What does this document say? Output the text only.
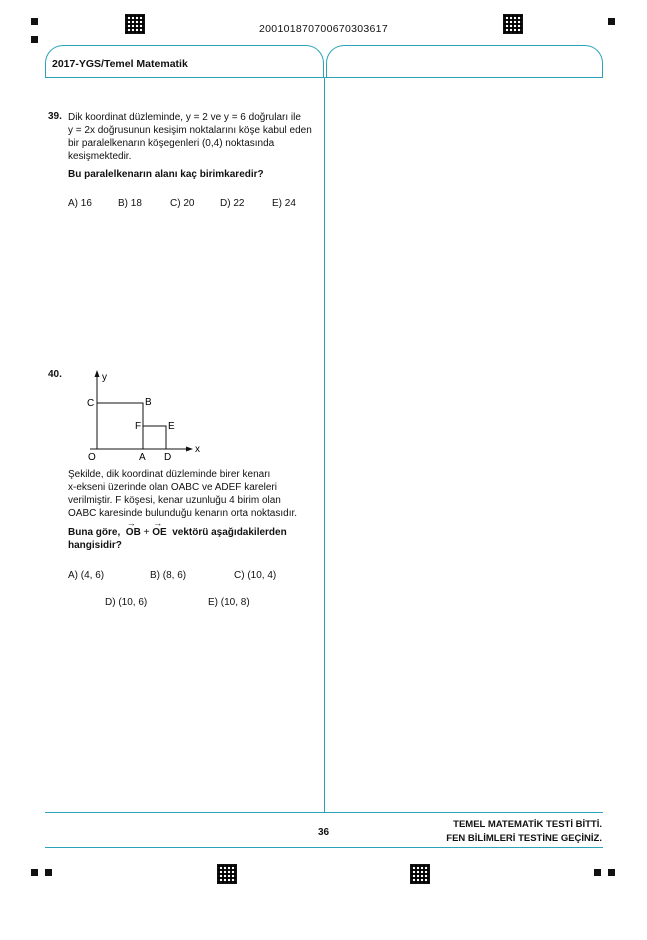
200101870700670303617
2017-YGS/Temel Matematik
39. Dik koordinat düzleminde, y = 2 ve y = 6 doğruları ile

y = 2x doğrusunun kesişim noktalarını köşe kabul eden

bir paralelkenarın köşegenleri (0,4) noktasında

kesişmektedir.

Bu paralelkenarın alanı kaç birimkaredir?
A) 16	B) 18	C) 20	D) 22	E) 24
40.	y
x
C	B
F	E
O	A D

Şekilde, dik koordinat düzleminde birer kenarı

x-ekseni üzerinde olan OABC ve ADEF kareleri

verilmiştir. F köşesi, kenar uzunluğu 4 birim olan

OABC karesinde bulunduğu kenarın orta noktasıdır.

Buna göre, → OB + → OE vektörü aşağıdakilerden

hangisidir?

A) (4, 6)	B) (8, 6)	C) (10, 4)
D) (10, 6)	E) (10, 8)
36
TEMEL MATEMATİK TESTİ BİTTİ.
FEN BİLİMLERİ TESTİNE GEÇİNİZ.
